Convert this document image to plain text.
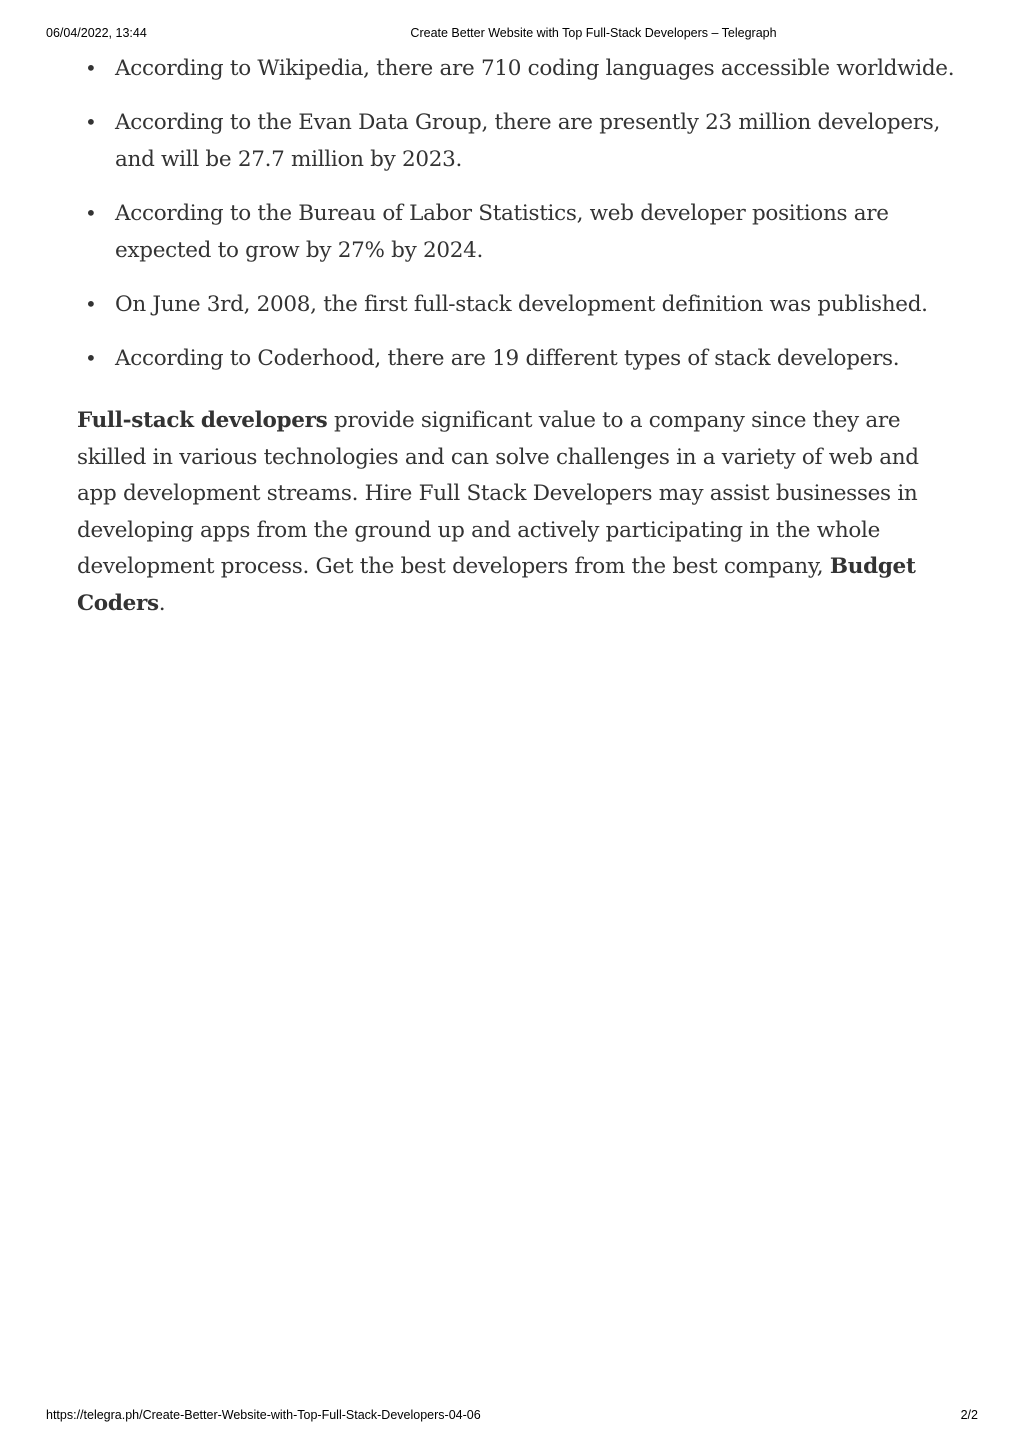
06/04/2022, 13:44	Create Better Website with Top Full-Stack Developers – Telegraph
• According to Wikipedia, there are 710 coding languages accessible worldwide.
• According to the Evan Data Group, there are presently 23 million developers, and will be 27.7 million by 2023.
• According to the Bureau of Labor Statistics, web developer positions are expected to grow by 27% by 2024.
• On June 3rd, 2008, the first full-stack development definition was published.
• According to Coderhood, there are 19 different types of stack developers.

Full-stack developers provide significant value to a company since they are skilled in various technologies and can solve challenges in a variety of web and app development streams. Hire Full Stack Developers may assist businesses in developing apps from the ground up and actively participating in the whole development process. Get the best developers from the best company, Budget Coders.

https://telegra.ph/Create-Better-Website-with-Top-Full-Stack-Developers-04-06	2/2
